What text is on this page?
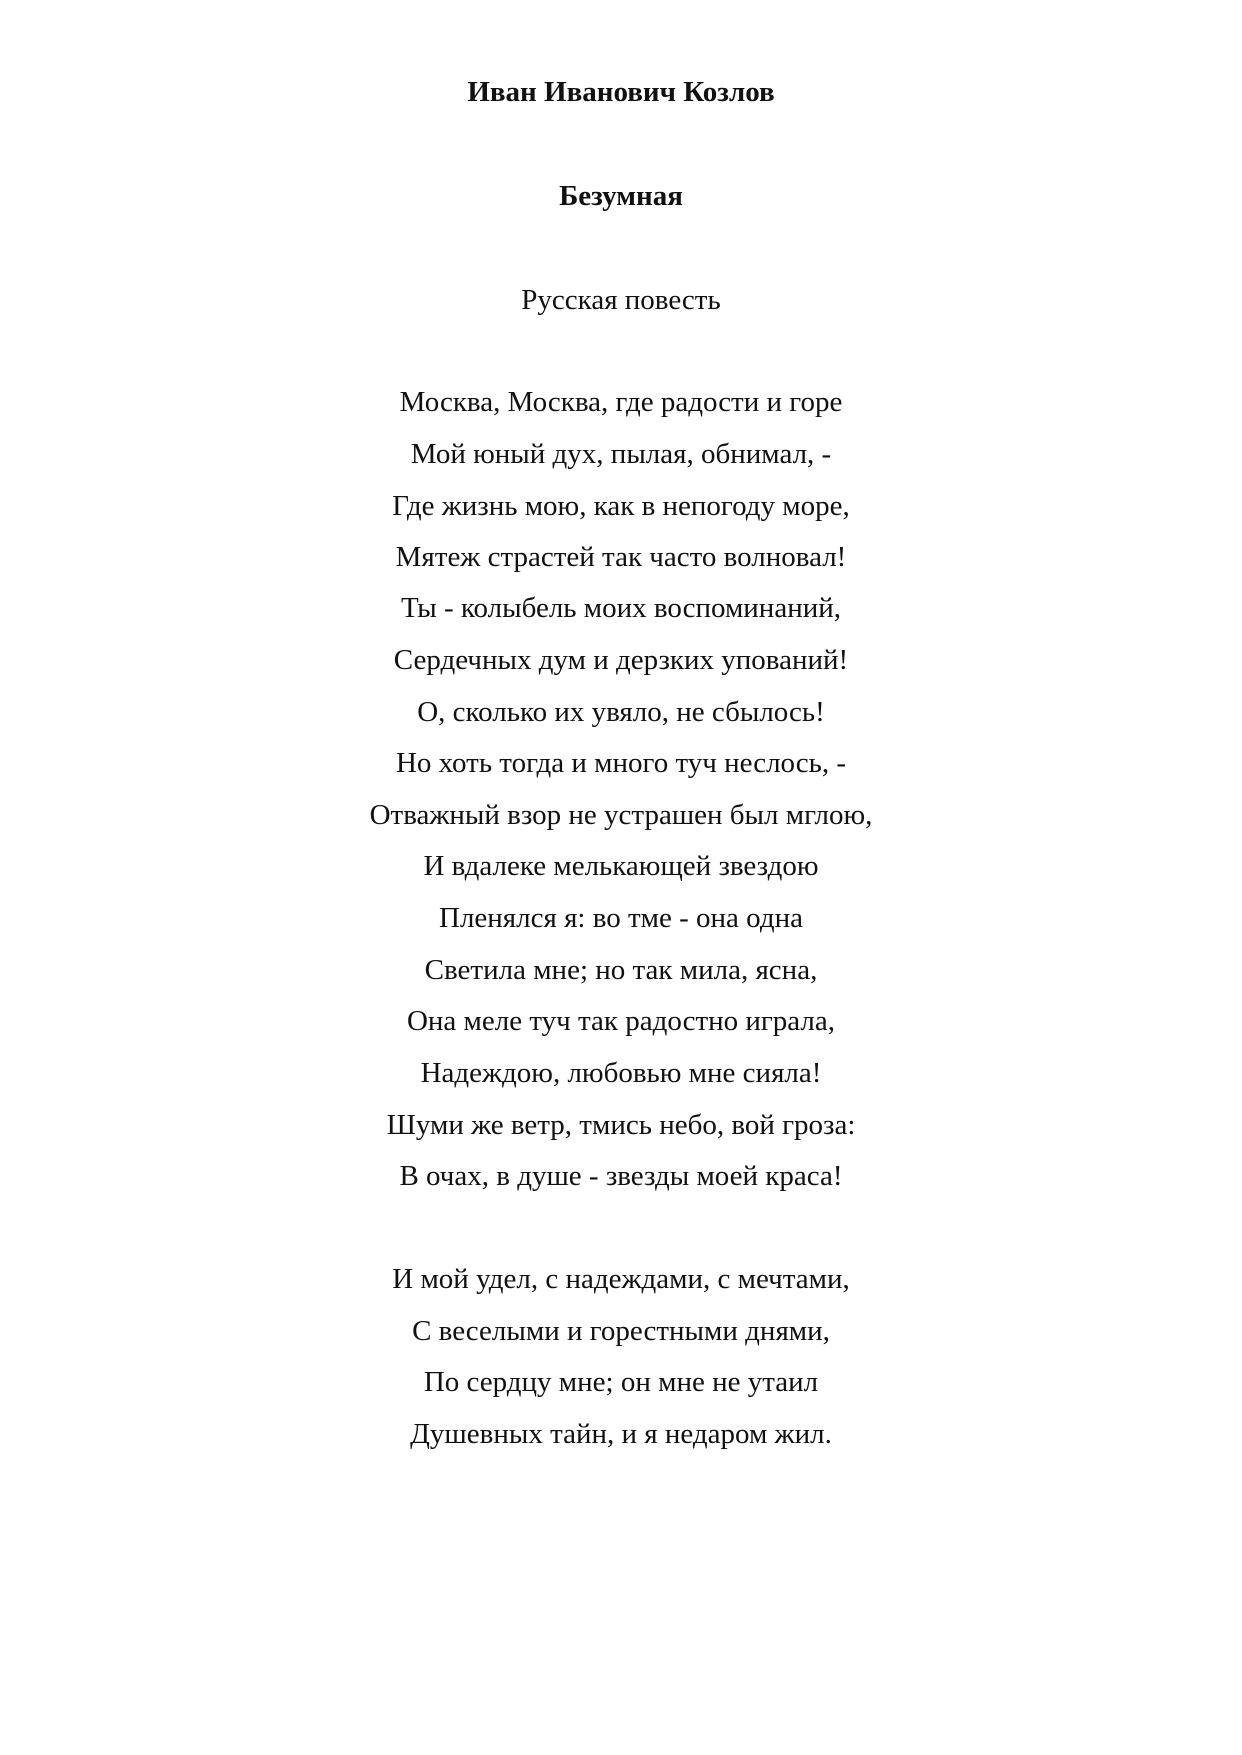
Иван Иванович Козлов
Безумная
Русская повесть
Москва, Москва, где радости и горе
Мой юный дух, пылая, обнимал, -
Где жизнь мою, как в непогоду море,
Мятеж страстей так часто волновал!
Ты - колыбель моих воспоминаний,
Сердечных дум и дерзких упований!
О, сколько их увяло, не сбылось!
Но хоть тогда и много туч неслось, -
Отважный взор не устрашен был мглою,
И вдалеке мелькающей звездою
Пленялся я: во тме - она одна
Светила мне; но так мила, ясна,
Она меле туч так радостно играла,
Надеждою, любовью мне сияла!
Шуми же ветр, тмись небо, вой гроза:
В очах, в душе - звезды моей краса!
И мой удел, с надеждами, с мечтами,
С веселыми и горестными днями,
По сердцу мне; он мне не утаил
Душевных тайн, и я недаром жил.
